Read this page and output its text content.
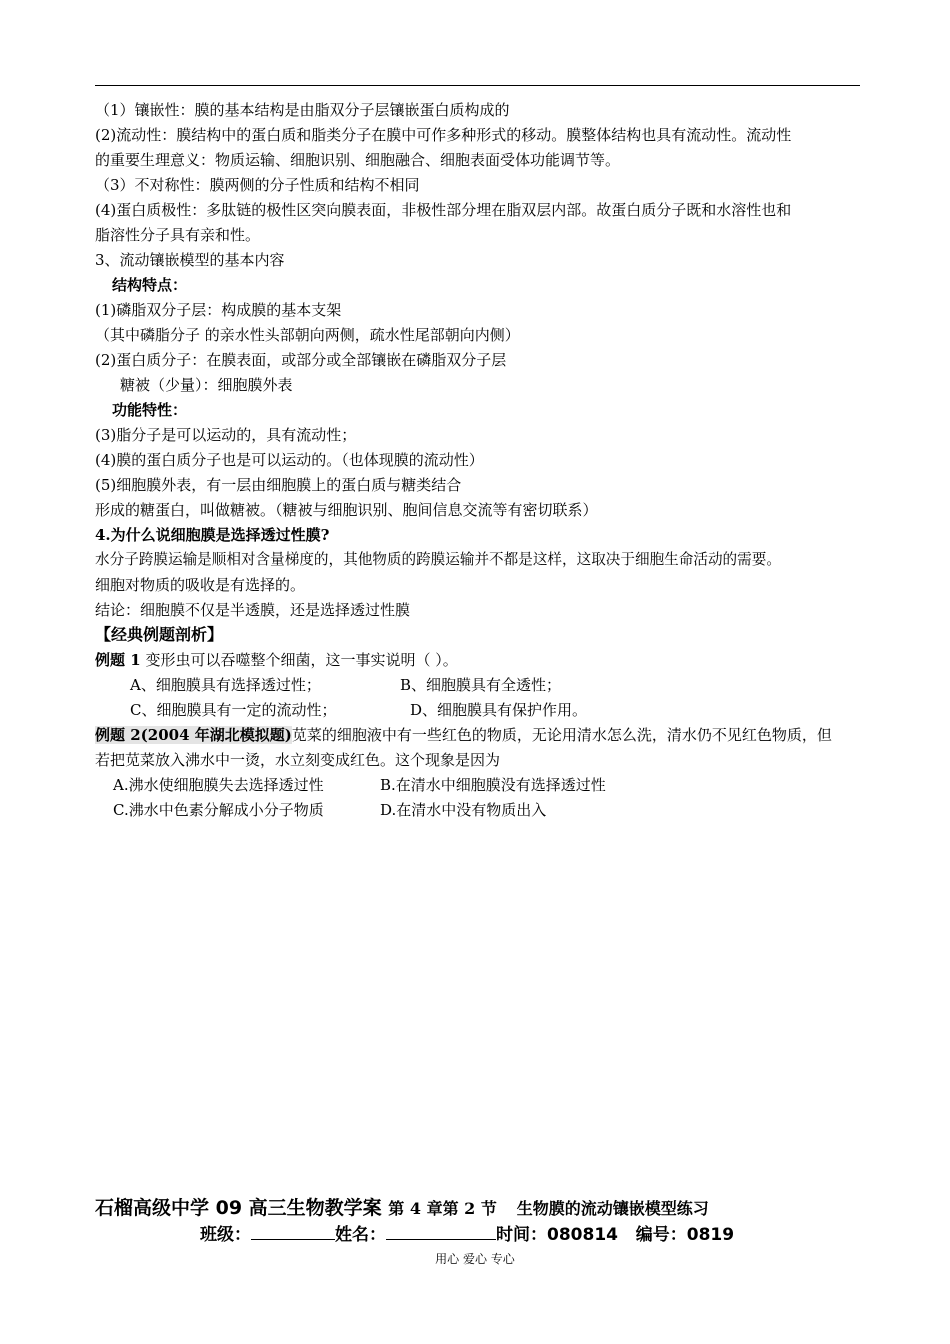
（1）镶嵌性：膜的基本结构是由脂双分子层镶嵌蛋白质构成的
(2)流动性：膜结构中的蛋白质和脂类分子在膜中可作多种形式的移动。膜整体结构也具有流动性。流动性
的重要生理意义：物质运输、细胞识别、细胞融合、细胞表面受体功能调节等。
（3）不对称性：膜两侧的分子性质和结构不相同
(4)蛋白质极性：多肽链的极性区突向膜表面，非极性部分埋在脂双层内部。故蛋白质分子既和水溶性也和
脂溶性分子具有亲和性。
3、流动镶嵌模型的基本内容
结构特点：
(1)磷脂双分子层：构成膜的基本支架
（其中磷脂分子 的亲水性头部朝向两侧，疏水性尾部朝向内侧）
(2)蛋白质分子：在膜表面，或部分或全部镶嵌在磷脂双分子层
糖被（少量）：细胞膜外表
功能特性：
(3)脂分子是可以运动的，具有流动性；
(4)膜的蛋白质分子也是可以运动的。（也体现膜的流动性）
(5)细胞膜外表，有一层由细胞膜上的蛋白质与糖类结合
形成的糖蛋白，叫做糖被。（糖被与细胞识别、胞间信息交流等有密切联系）
4.为什么说细胞膜是选择透过性膜?
水分子跨膜运输是顺相对含量梯度的，其他物质的跨膜运输并不都是这样，这取决于细胞生命活动的需要。
细胞对物质的吸收是有选择的。
结论：细胞膜不仅是半透膜，还是选择透过性膜
【经典例题剖析】
例题 1 变形虫可以吞噬整个细菌，这一事实说明（ ）。
A、细胞膜具有选择透过性；	B、细胞膜具有全透性；
C、细胞膜具有一定的流动性；	D、细胞膜具有保护作用。
例题 2(2004 年湖北模拟题)苋菜的细胞液中有一些红色的物质，无论用清水怎么洗，清水仍不见红色物质，但
若把苋菜放入沸水中一烫，水立刻变成红色。这个现象是因为
A.沸水使细胞膜失去选择透过性	B.在清水中细胞膜没有选择透过性
C.沸水中色素分解成小分子物质	D.在清水中没有物质出入
石榴高级中学 09 高三生物教学案 第 4 章第 2 节 生物膜的流动镶嵌模型练习
班级：	姓名：	时间：080814 编号：0819
用心 爱心 专心
